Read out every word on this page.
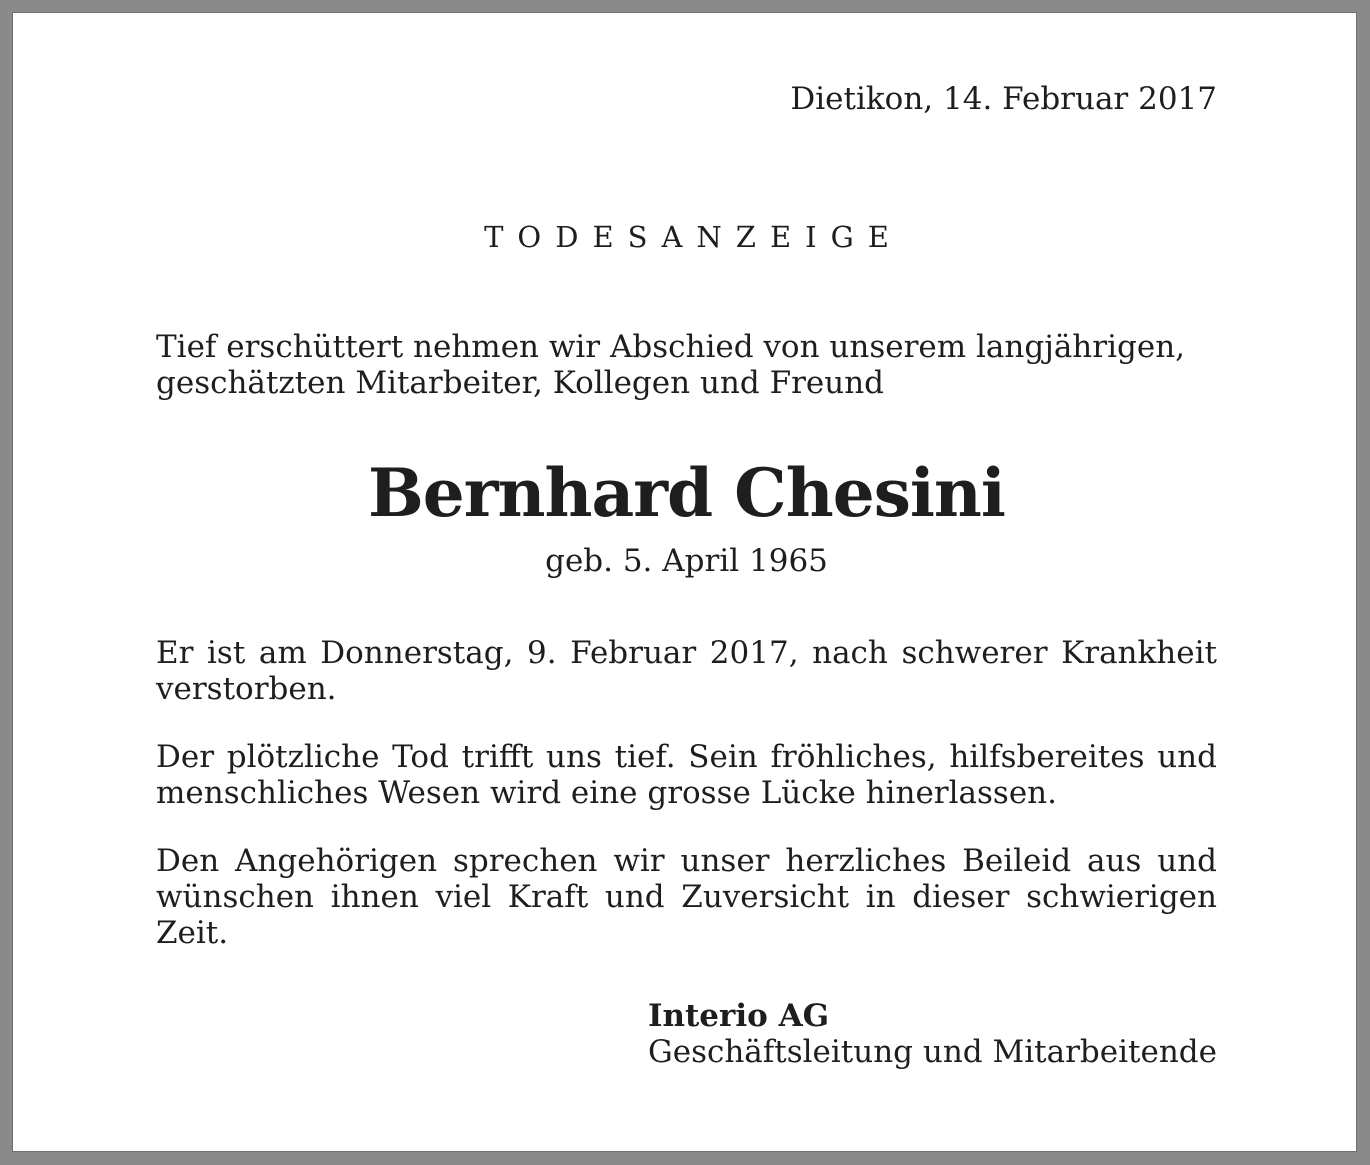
Dietikon, 14. Februar 2017
TODESANZEIGE
Tief erschüttert nehmen wir Abschied von unserem langjährigen,
geschätzten Mitarbeiter, Kollegen und Freund
Bernhard Chesini
geb. 5. April 1965
Er ist am Donnerstag, 9. Februar 2017, nach schwerer Krankheit
verstorben.
Der plötzliche Tod trifft uns tief. Sein fröhliches, hilfsbereites und
menschliches Wesen wird eine grosse Lücke hinerlassen.
Den Angehörigen sprechen wir unser herzliches Beileid aus und
wünschen ihnen viel Kraft und Zuversicht in dieser schwierigen
Zeit.
Interio AG
Geschäftsleitung und Mitarbeitende
